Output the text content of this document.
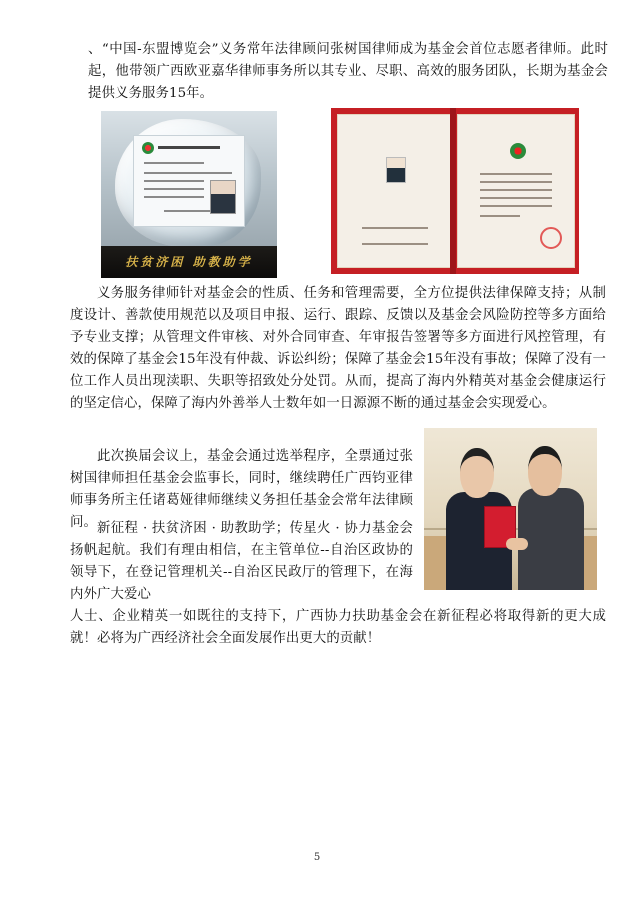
、“中国-东盟博览会”义务常年法律顾问张树国律师成为基金会首位志愿者律师。此时起，他带领广西欧亚嘉华律师事务所以其专业、尽职、高效的服务团队，长期为基金会提供义务服务15年。

扶贫济困 助教助学

义务服务律师针对基金会的性质、任务和管理需要，全方位提供法律保障支持；从制度设计、善款使用规范以及项目申报、运行、跟踪、反馈以及基金会风险防控等多方面给予专业支撑；从管理文件审核、对外合同审查、年审报告签署等多方面进行风控管理，有效的保障了基金会15年没有仲裁、诉讼纠纷；保障了基金会15年没有事故；保障了没有一位工作人员出现渎职、失职等招致处分处罚。从而，提高了海内外精英对基金会健康运行的坚定信心，保障了海内外善举人士数年如一日源源不断的通过基金会实现爱心。

此次换届会议上，基金会通过选举程序，全票通过张树国律师担任基金会监事长，同时，继续聘任广西钧亚律师事务所主任诸葛娅律师继续义务担任基金会常年法律顾问。 新征程 · 扶贫济困 · 助教助学；传星火 · 协力基金会扬帆起航。我们有理由相信，在主管单位--自治区政协的领导下，在登记管理机关--自治区民政厅的管理下，在海内外广大爱心

人士、企业精英一如既往的支持下，广西协力扶助基金会在新征程必将取得新的更大成就！必将为广西经济社会全面发展作出更大的贡献！

5
